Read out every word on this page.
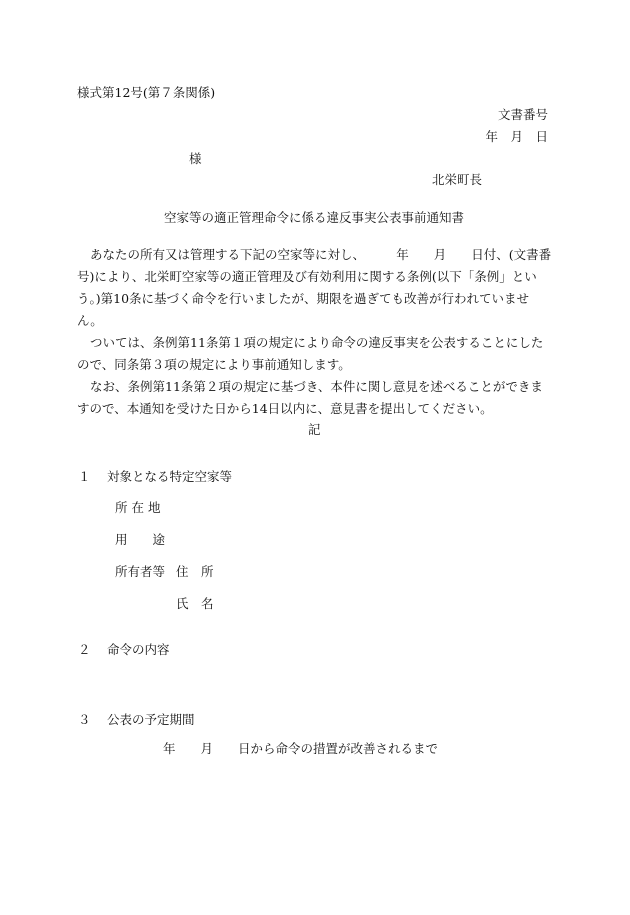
様式第12号(第７条関係)
文書番号
年　月　日
様
北栄町長
空家等の適正管理命令に係る違反事実公表事前通知書

あなたの所有又は管理する下記の空家等に対し、　　　年　　月　　日付、(文書番号)により、北栄町空家等の適正管理及び有効利用に関する条例(以下「条例」という。)第10条に基づく命令を行いましたが、期限を過ぎても改善が行われていません。

ついては、条例第11条第１項の規定により命令の違反事実を公表することにしたので、同条第３項の規定により事前通知します。

なお、条例第11条第２項の規定に基づき、本件に関し意見を述べることができますので、本通知を受けた日から14日以内に、意見書を提出してください。

記
１　 対象となる特定空家等
所 在 地
用　　途
所有者等 住　所
氏　名
２　 命令の内容
３　 公表の予定期間
年　　月　　日から命令の措置が改善されるまで
